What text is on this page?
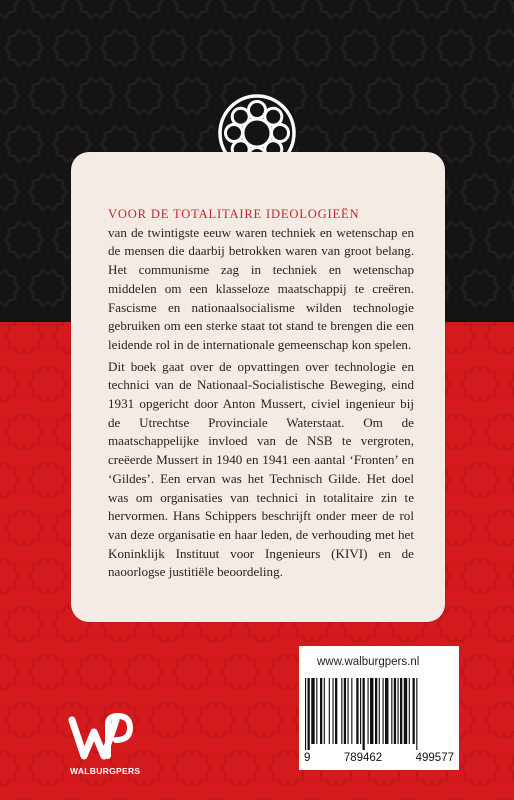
VOOR DE TOTALITAIRE IDEOLOGIEËN

van de twintigste eeuw waren techniek en wetenschap en de mensen die daarbij betrokken waren van groot belang. Het communisme zag in techniek en wetenschap middelen om een klasseloze maatschappij te creëren. Fascisme en nationaalsocialisme wilden technologie gebruiken om een sterke staat tot stand te brengen die een leidende rol in de internationale gemeenschap kon spelen.

Dit boek gaat over de opvattingen over technologie en technici van de Nationaal-Socialistische Beweging, eind 1931 opgericht door Anton Mussert, civiel ingenieur bij de Utrechtse Provinciale Waterstaat. Om de maatschappelijke invloed van de NSB te vergroten, creëerde Mussert in 1940 en 1941 een aantal ‘Fronten’ en ‘Gildes’. Een ervan was het Technisch Gilde. Het doel was om organisaties van technici in totalitaire zin te hervormen. Hans Schippers beschrijft onder meer de rol van deze organisatie en haar leden, de verhouding met het Koninklijk Instituut voor Ingenieurs (KIVI) en de naoorlogse justitiële beoordeling.

www.walburgpers.nl
9	789462	499577
WALBURGPERS
